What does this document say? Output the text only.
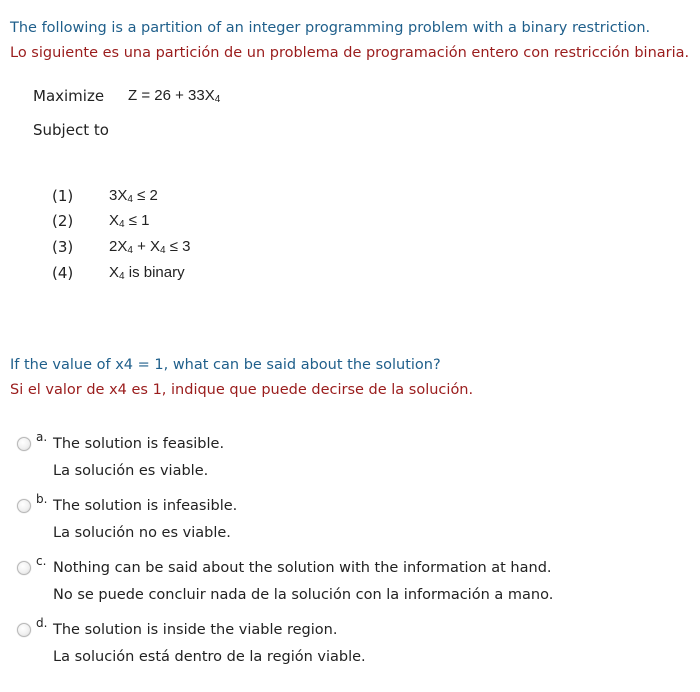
The following is a partition of an integer programming problem with a binary restriction.
Lo siguiente es una partición de un problema de programación entero con restricción binaria.
Maximize $Z = 26 + 33X_4$
Subject to
(1) $3X_4 \le 2$
(2) $X_4 \le 1$
(3) $2X_4 + X_4 \le 3$
(4) $X_4$ is binary
If the value of x4 = 1, what can be said about the solution?
Si el valor de x4 es 1, indique que puede decirse de la solución.
a. The solution is feasible.
La solución es viable.
b. The solution is infeasible.
La solución no es viable.
c. Nothing can be said about the solution with the information at hand.
No se puede concluir nada de la solución con la información a mano.
d. The solution is inside the viable region.
La solución está dentro de la región viable.
